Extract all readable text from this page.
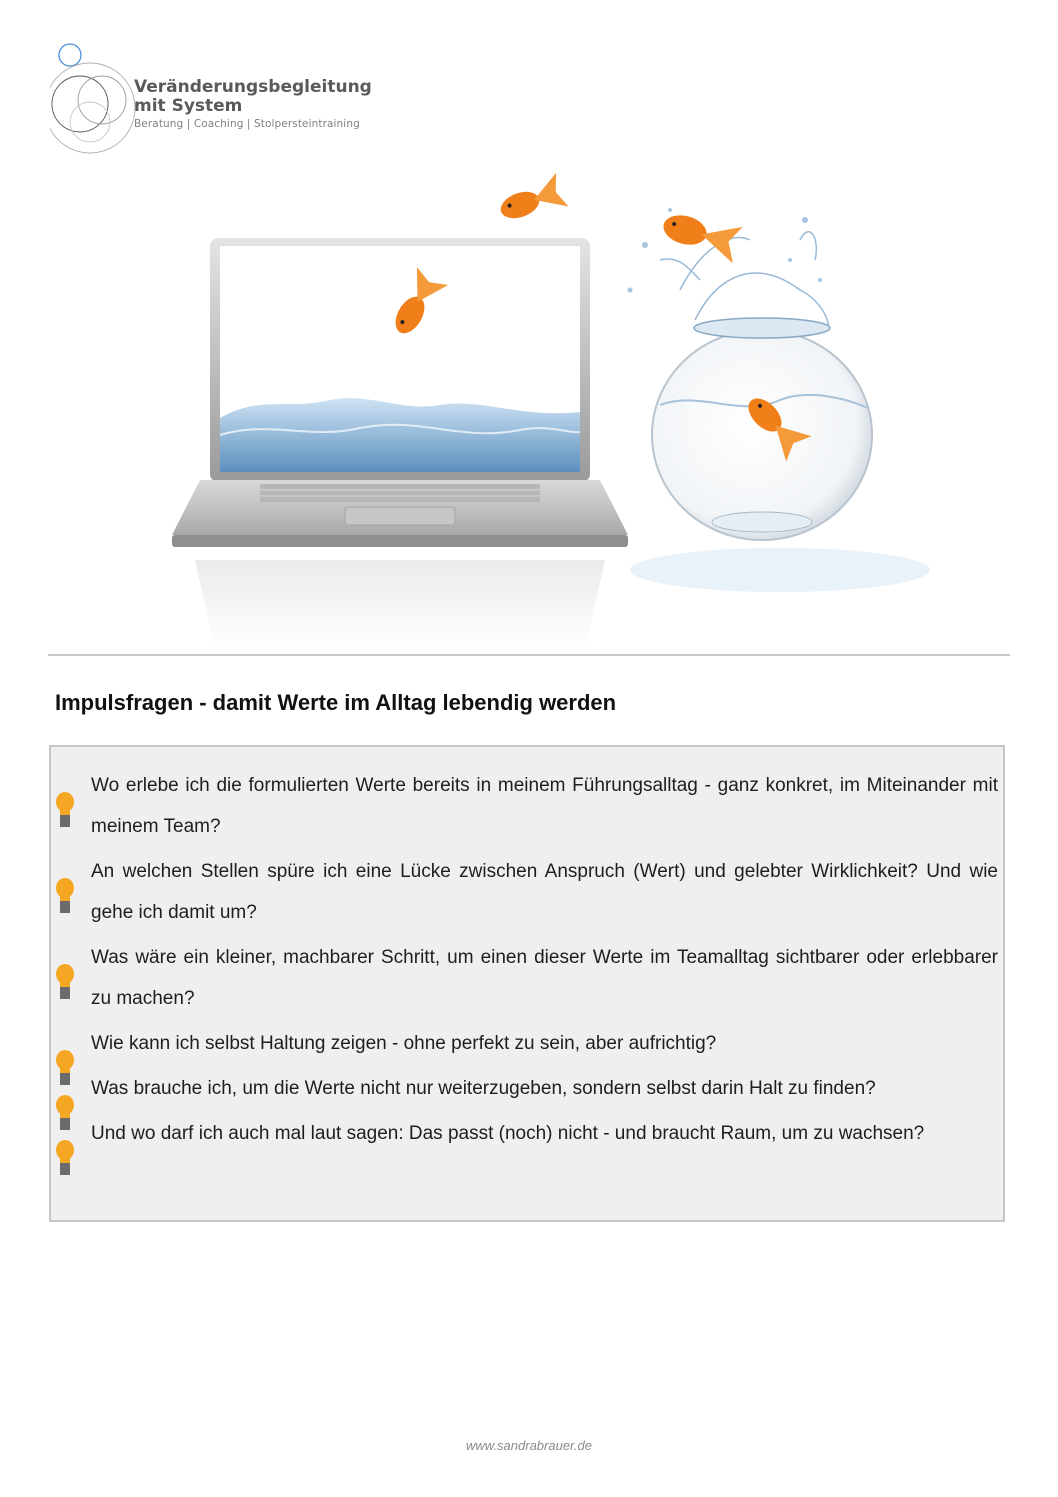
Veränderungsbegleitung
mit System
Beratung | Coaching | Stolpersteintraining
Impulsfragen - damit Werte im Alltag lebendig werden
Wo erlebe ich die formulierten Werte bereits in meinem Führungsalltag - ganz konkret, im Miteinander mit meinem Team?
An welchen Stellen spüre ich eine Lücke zwischen Anspruch (Wert) und gelebter Wirklichkeit? Und wie gehe ich damit um?
Was wäre ein kleiner, machbarer Schritt, um einen dieser Werte im Teamalltag sichtbarer oder erlebbarer zu machen?
Wie kann ich selbst Haltung zeigen - ohne perfekt zu sein, aber aufrichtig?
Was brauche ich, um die Werte nicht nur weiterzugeben, sondern selbst darin Halt zu finden?
Und wo darf ich auch mal laut sagen: Das passt (noch) nicht - und braucht Raum, um zu wachsen?
www.sandrabrauer.de
